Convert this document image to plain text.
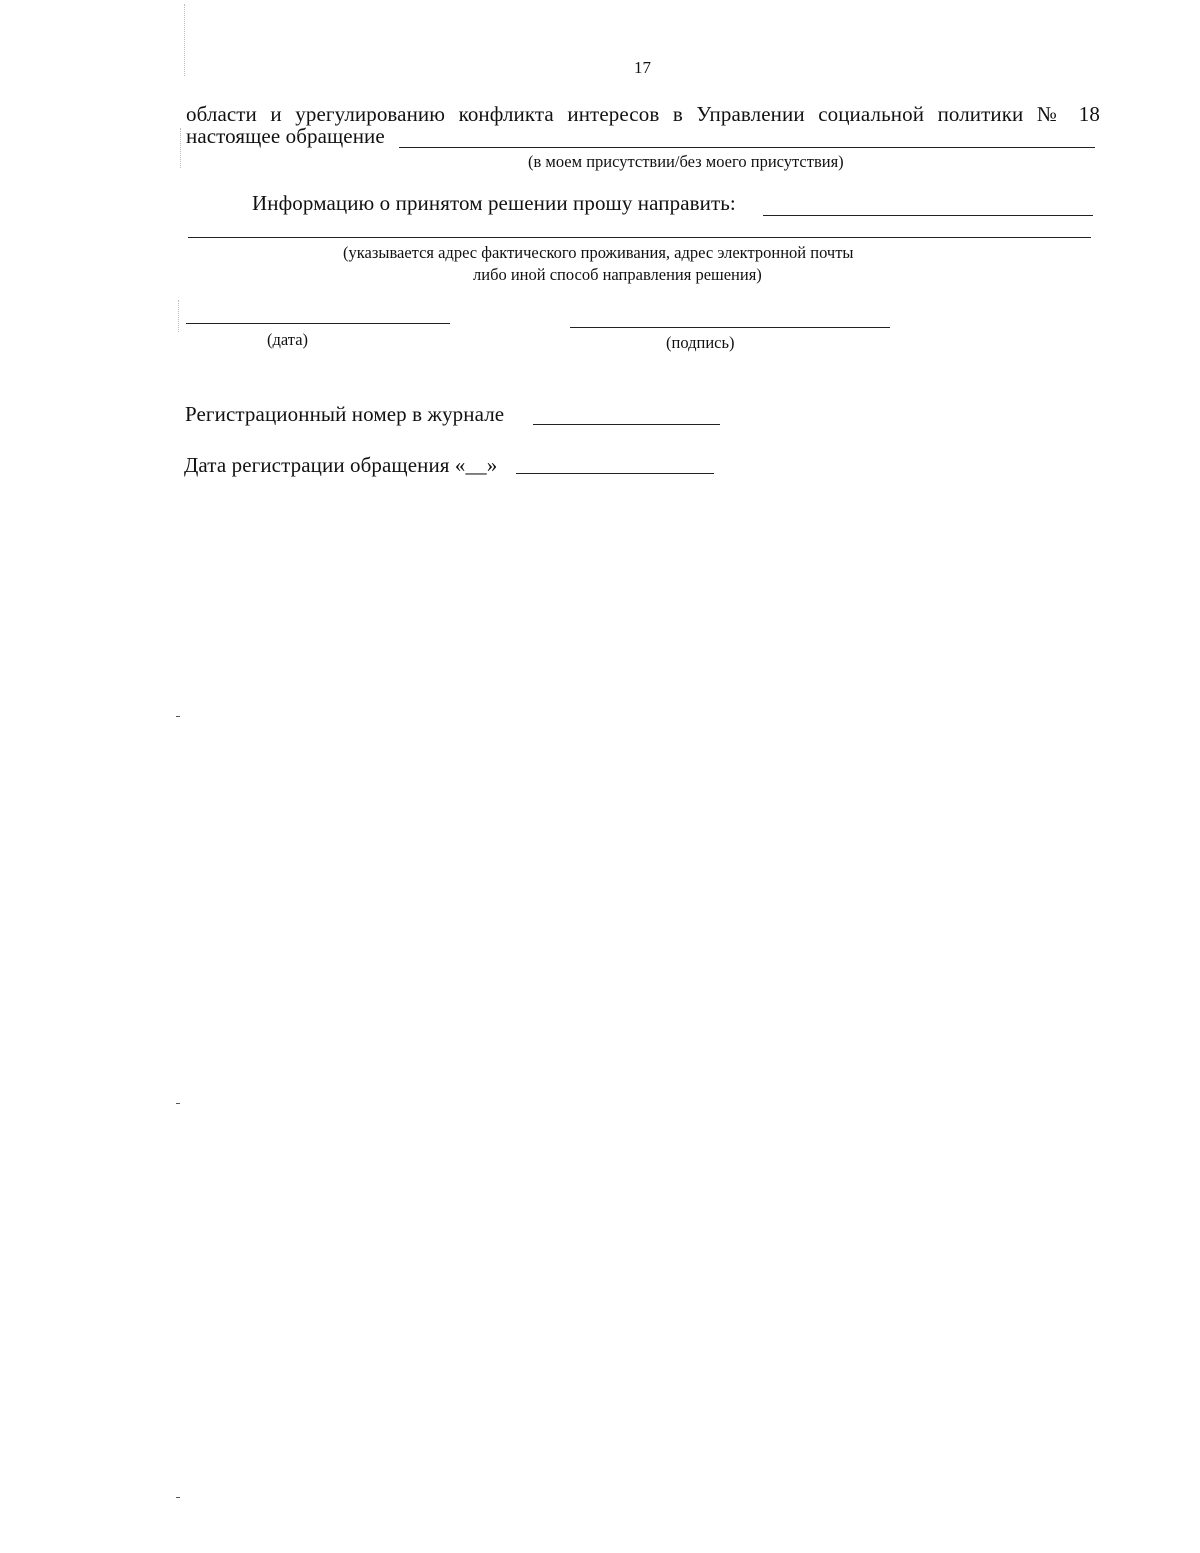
17
области и урегулированию конфликта интересов в Управлении социальной политики № 18
настоящее обращение
(в моем присутствии/без моего присутствия)
Информацию о принятом решении прошу направить:
(указывается адрес фактического проживания, адрес электронной почты
либо иной способ направления решения)
(дата)	(подпись)
Регистрационный номер в журнале
Дата регистрации обращения «__»
